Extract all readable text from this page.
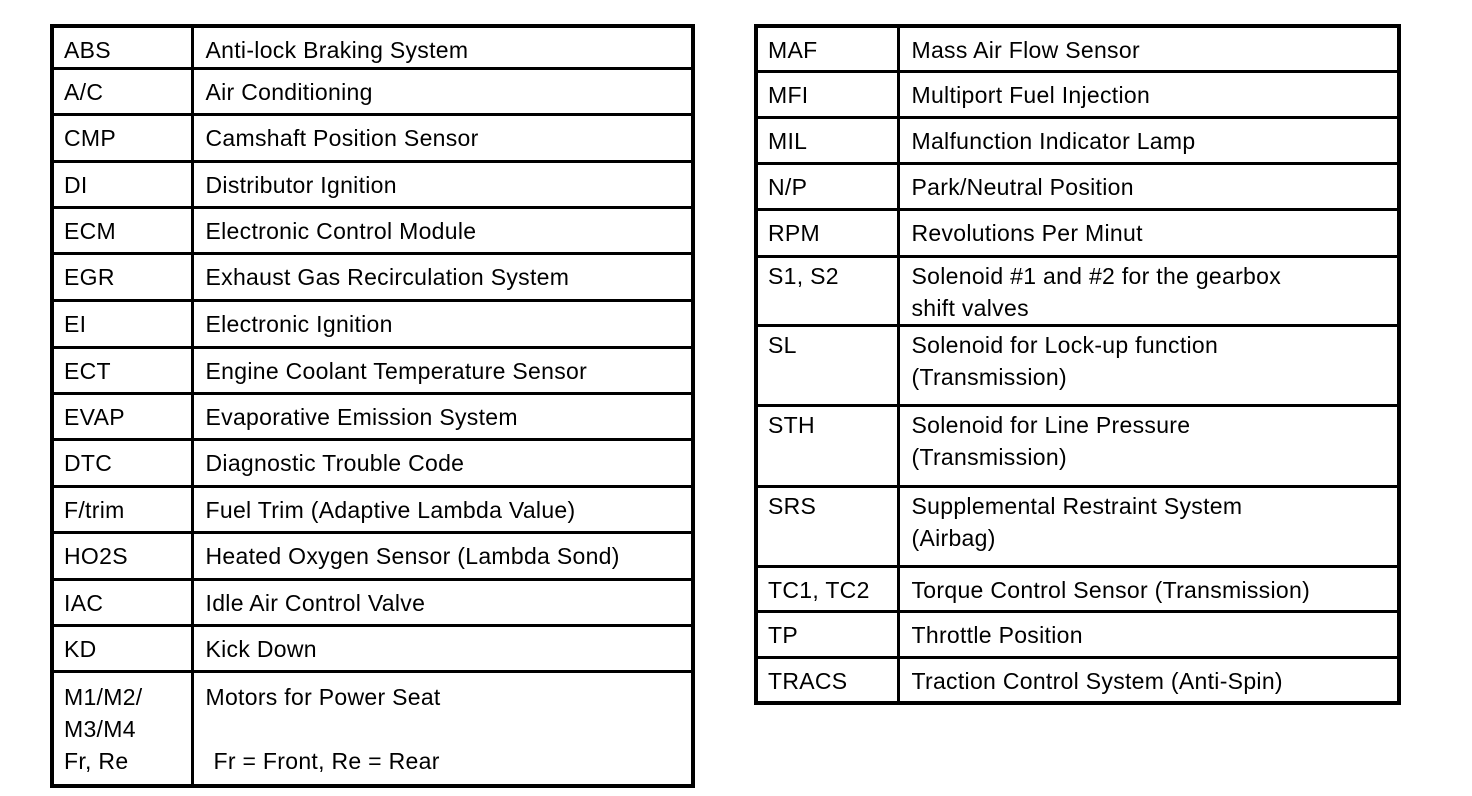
ABS	Anti-lock Braking System

A/C	Air Conditioning

CMP	Camshaft Position Sensor

DI	Distributor Ignition

ECM	Electronic Control Module

EGR	Exhaust Gas Recirculation System

EI	Electronic Ignition

ECT	Engine Coolant Temperature Sensor

EVAP	Evaporative Emission System

DTC	Diagnostic Trouble Code

F/trim	Fuel Trim (Adaptive Lambda Value)

HO2S	Heated Oxygen Sensor (Lambda Sond)

IAC	Idle Air Control Valve

KD	Kick Down

M1/M2/
M3/M4
Fr, Re	Motors for Power Seat
Fr = Front, Re = Rear
MAF	Mass Air Flow Sensor

MFI	Multiport Fuel Injection

MIL	Malfunction Indicator Lamp

N/P	Park/Neutral Position

RPM	Revolutions Per Minut

S1, S2	Solenoid #1 and #2 for the gearbox
shift valves

SL	Solenoid for Lock-up function
(Transmission)

STH	Solenoid for Line Pressure
(Transmission)

SRS	Supplemental Restraint System
(Airbag)

TC1, TC2	Torque Control Sensor (Transmission)

TP	Throttle Position

TRACS	Traction Control System (Anti-Spin)
